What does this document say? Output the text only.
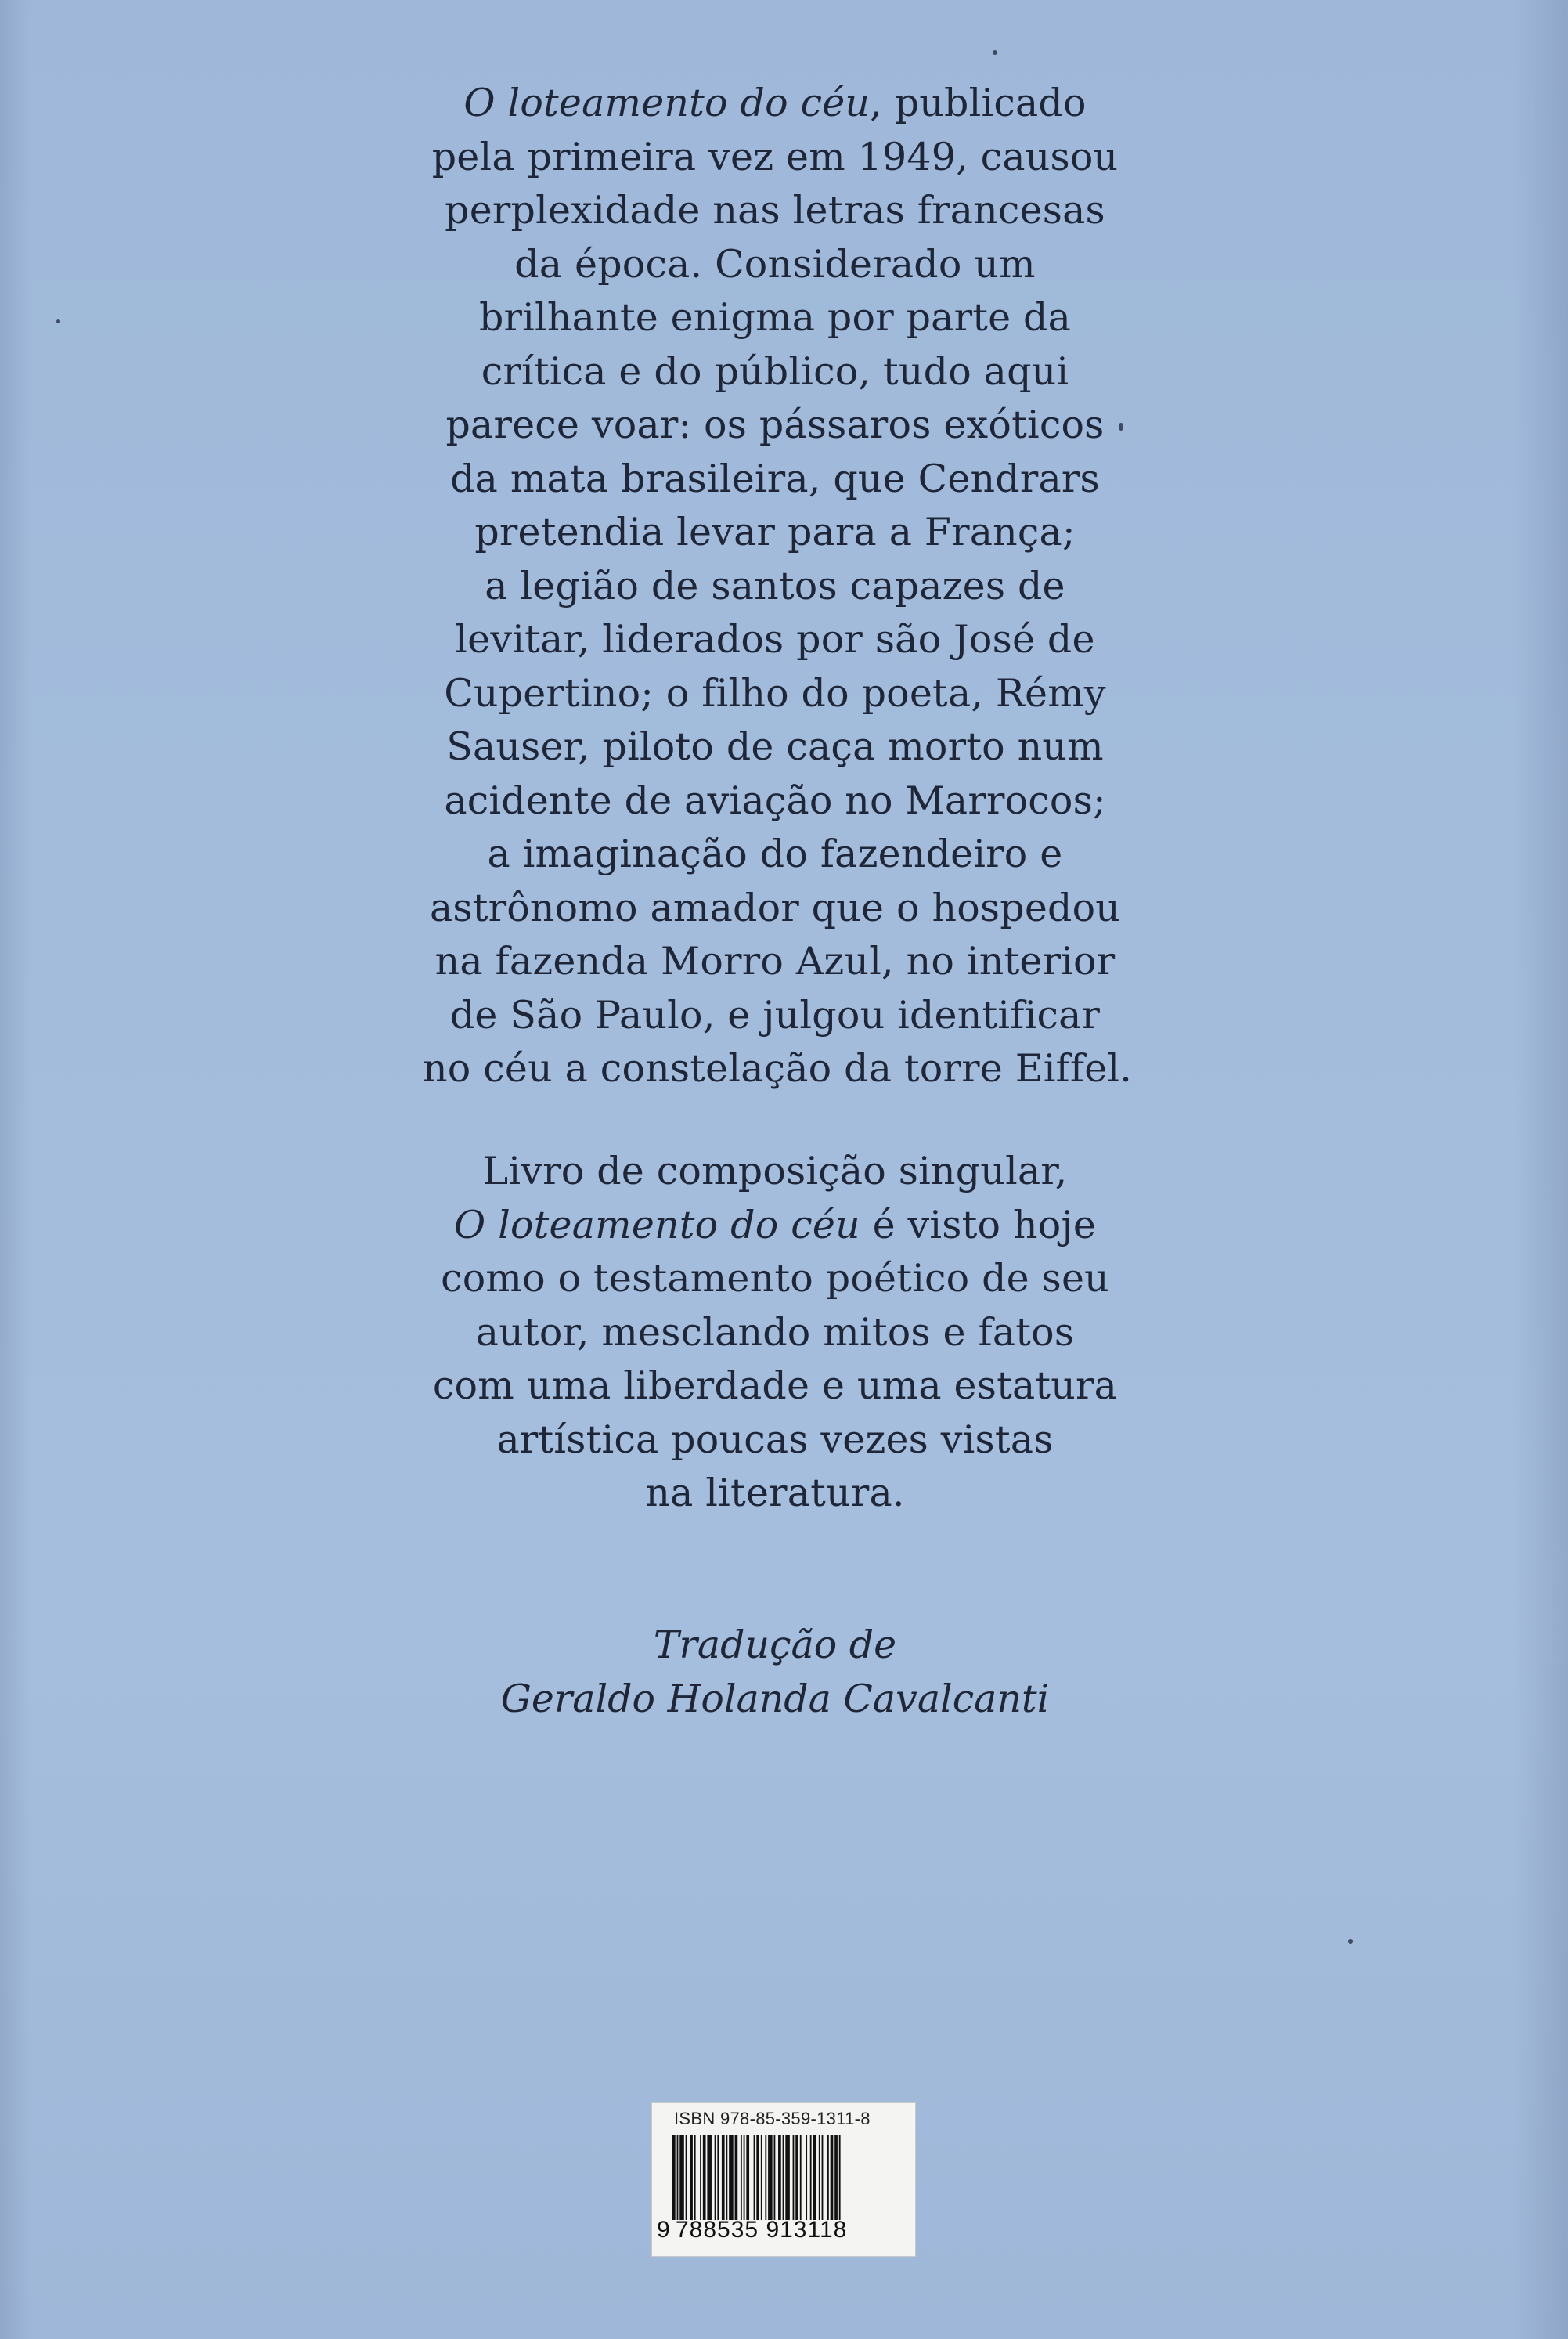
O loteamento do céu, publicado
pela primeira vez em 1949, causou
perplexidade nas letras francesas
da época. Considerado um
brilhante enigma por parte da
crítica e do público, tudo aqui
parece voar: os pássaros exóticos
da mata brasileira, que Cendrars
pretendia levar para a França;
a legião de santos capazes de
levitar, liderados por são José de
Cupertino; o filho do poeta, Rémy
Sauser, piloto de caça morto num
acidente de aviação no Marrocos;
a imaginação do fazendeiro e
astrônomo amador que o hospedou
na fazenda Morro Azul, no interior
de São Paulo, e julgou identificar
no céu a constelação da torre Eiffel.
Livro de composição singular,
O loteamento do céu é visto hoje
como o testamento poético de seu
autor, mesclando mitos e fatos
com uma liberdade e uma estatura
artística poucas vezes vistas
na literatura.
Tradução de
Geraldo Holanda Cavalcanti
ISBN 978-85-359-1311-8
9 788535 913118
